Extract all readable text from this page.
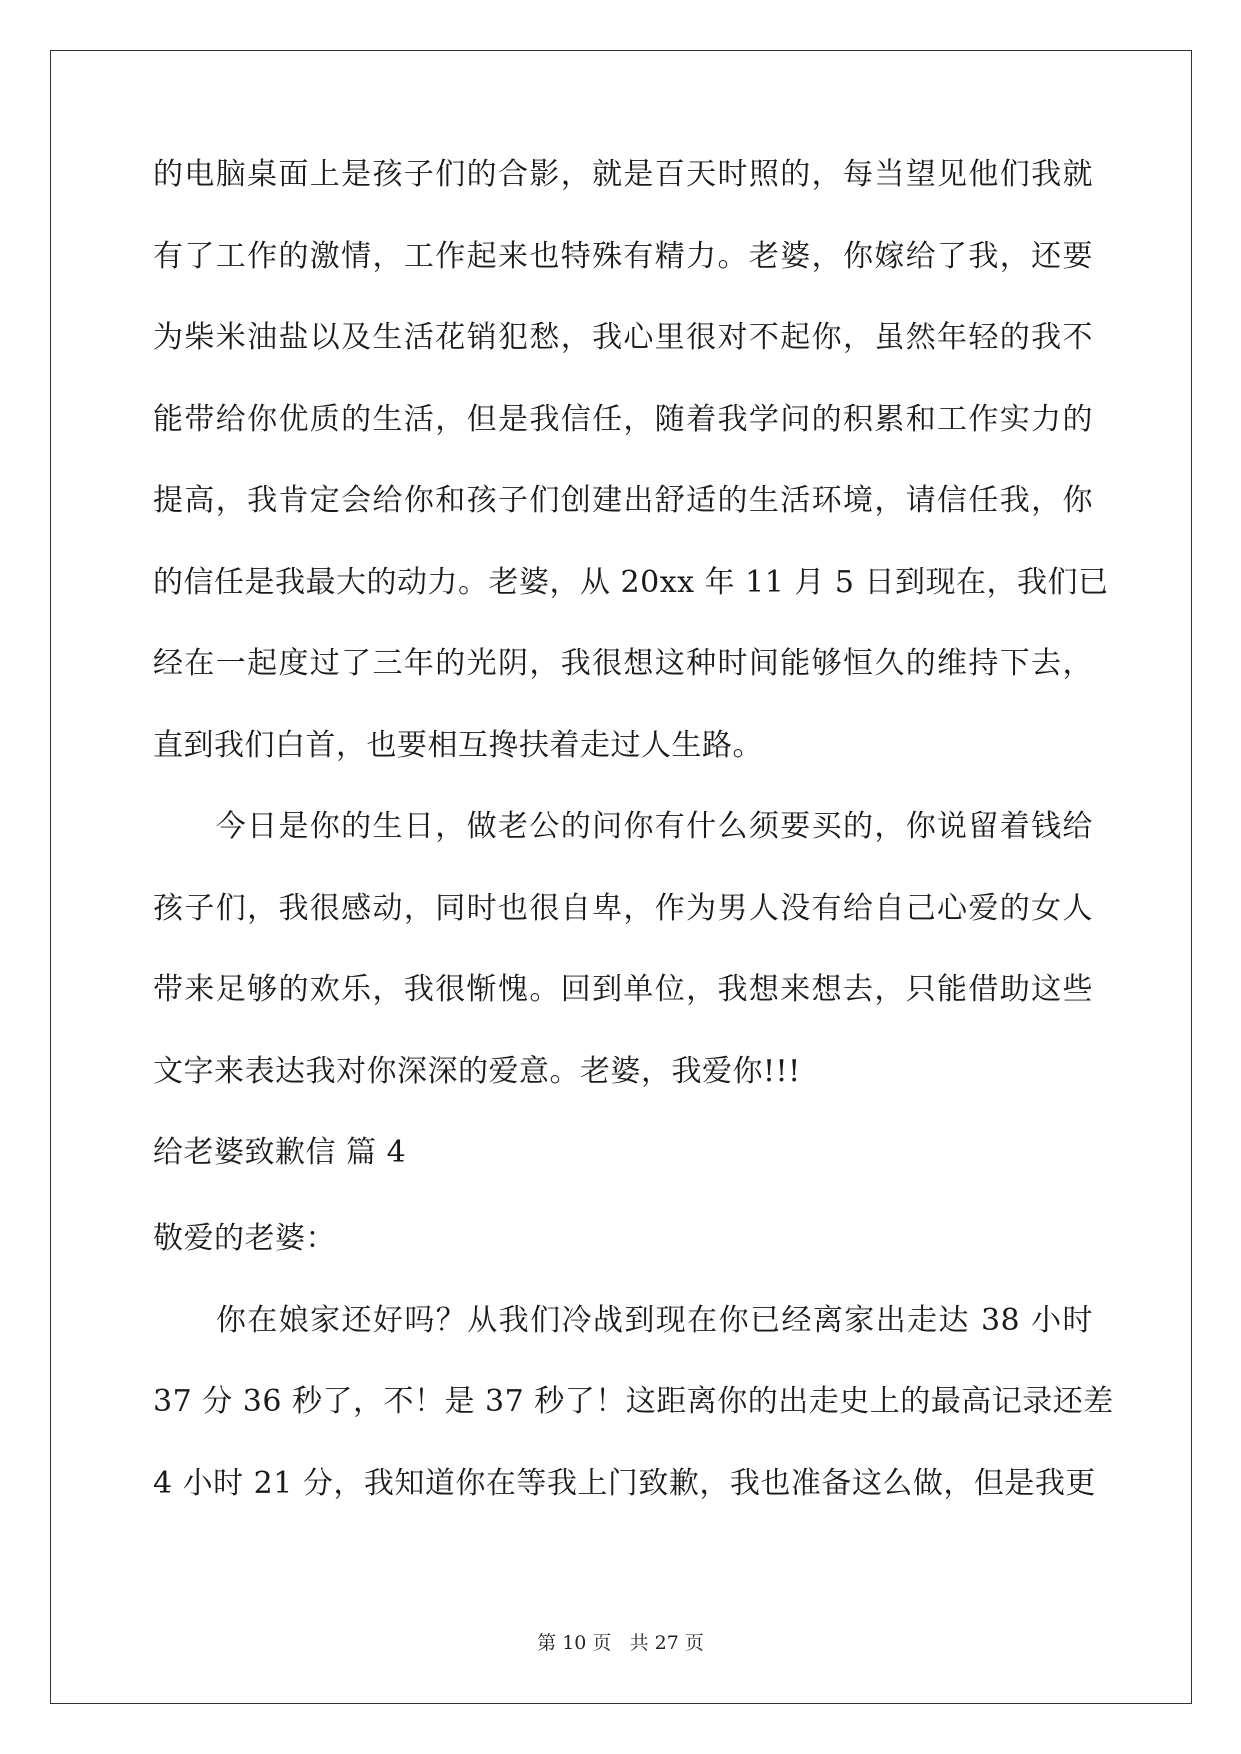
的电脑桌面上是孩子们的合影，就是百天时照的，每当望见他们我就
有了工作的激情，工作起来也特殊有精力。老婆，你嫁给了我，还要
为柴米油盐以及生活花销犯愁，我心里很对不起你，虽然年轻的我不
能带给你优质的生活，但是我信任，随着我学问的积累和工作实力的
提高，我肯定会给你和孩子们创建出舒适的生活环境，请信任我，你
的信任是我最大的动力。老婆，从 20xx 年 11 月 5 日到现在，我们已
经在一起度过了三年的光阴，我很想这种时间能够恒久的维持下去，
直到我们白首，也要相互搀扶着走过人生路。
　　今日是你的生日，做老公的问你有什么须要买的，你说留着钱给
孩子们，我很感动，同时也很自卑，作为男人没有给自己心爱的女人
带来足够的欢乐，我很惭愧。回到单位，我想来想去，只能借助这些
文字来表达我对你深深的爱意。老婆，我爱你!!!
给老婆致歉信 篇 4
敬爱的老婆：
　　你在娘家还好吗？从我们冷战到现在你已经离家出走达 38 小时
37 分 36 秒了，不！是 37 秒了！这距离你的出走史上的最高记录还差
4 小时 21 分，我知道你在等我上门致歉，我也准备这么做，但是我更
第 10 页 共 27 页
